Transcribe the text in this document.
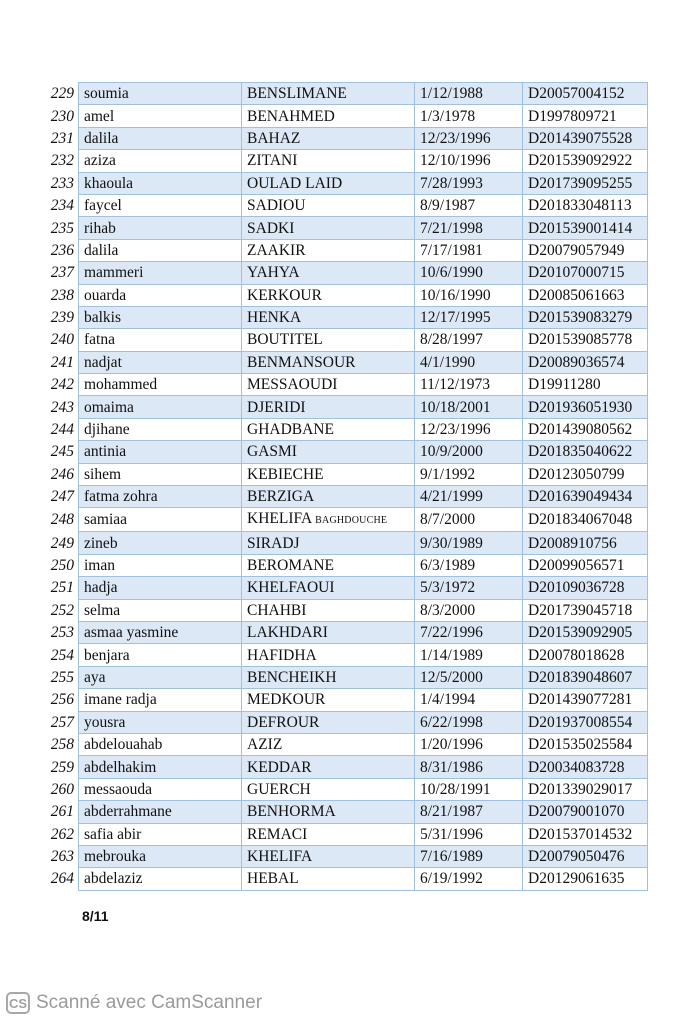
229	soumia	BENSLIMANE	1/12/1988	D20057004152
230	amel	BENAHMED	1/3/1978	D1997809721
231	dalila	BAHAZ	12/23/1996	D201439075528
232	aziza	ZITANI	12/10/1996	D201539092922
233	khaoula	OULAD LAID	7/28/1993	D201739095255
234	faycel	SADIOU	8/9/1987	D201833048113
235	rihab	SADKI	7/21/1998	D201539001414
236	dalila	ZAAKIR	7/17/1981	D20079057949
237	mammeri	YAHYA	10/6/1990	D20107000715
238	ouarda	KERKOUR	10/16/1990	D20085061663
239	balkis	HENKA	12/17/1995	D201539083279
240	fatna	BOUTITEL	8/28/1997	D201539085778
241	nadjat	BENMANSOUR	4/1/1990	D20089036574
242	mohammed	MESSAOUDI	11/12/1973	D19911280
243	omaima	DJERIDI	10/18/2001	D201936051930
244	djihane	GHADBANE	12/23/1996	D201439080562
245	antinia	GASMI	10/9/2000	D201835040622
246	sihem	KEBIECHE	9/1/1992	D20123050799
247	fatma zohra	BERZIGA	4/21/1999	D201639049434
248	samiaa	KHELIFA BAGHDOUCHE	8/7/2000	D201834067048
249	zineb	SIRADJ	9/30/1989	D2008910756
250	iman	BEROMANE	6/3/1989	D20099056571
251	hadja	KHELFAOUI	5/3/1972	D20109036728
252	selma	CHAHBI	8/3/2000	D201739045718
253	asmaa yasmine	LAKHDARI	7/22/1996	D201539092905
254	benjara	HAFIDHA	1/14/1989	D20078018628
255	aya	BENCHEIKH	12/5/2000	D201839048607
256	imane radja	MEDKOUR	1/4/1994	D201439077281
257	yousra	DEFROUR	6/22/1998	D201937008554
258	abdelouahab	AZIZ	1/20/1996	D201535025584
259	abdelhakim	KEDDAR	8/31/1986	D20034083728
260	messaouda	GUERCH	10/28/1991	D201339029017
261	abderrahmane	BENHORMA	8/21/1987	D20079001070
262	safia abir	REMACI	5/31/1996	D201537014532
263	mebrouka	KHELIFA	7/16/1989	D20079050476
264	abdelaziz	HEBAL	6/19/1992	D20129061635
8/11
CS Scanné avec CamScanner
